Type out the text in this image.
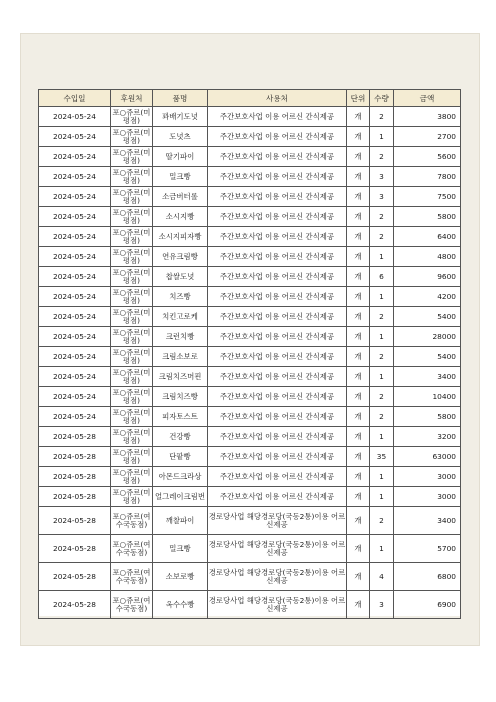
수입일	후원처	품명	사용처	단위	수량	금액
2024-05-24	포○쥬르(미평점)	꽈배기도넛	주간보호사업 이용 어르신 간식제공	개	2	3800
2024-05-24	포○쥬르(미평점)	도넛츠	주간보호사업 이용 어르신 간식제공	개	1	2700
2024-05-24	포○쥬르(미평점)	딸기파이	주간보호사업 이용 어르신 간식제공	개	2	5600
2024-05-24	포○쥬르(미평점)	밀크빵	주간보호사업 이용 어르신 간식제공	개	3	7800
2024-05-24	포○쥬르(미평점)	소금버터롤	주간보호사업 이용 어르신 간식제공	개	3	7500
2024-05-24	포○쥬르(미평점)	소시지빵	주간보호사업 이용 어르신 간식제공	개	2	5800
2024-05-24	포○쥬르(미평점)	소시지피자빵	주간보호사업 이용 어르신 간식제공	개	2	6400
2024-05-24	포○쥬르(미평점)	연유크림빵	주간보호사업 이용 어르신 간식제공	개	1	4800
2024-05-24	포○쥬르(미평점)	찹쌀도넛	주간보호사업 이용 어르신 간식제공	개	6	9600
2024-05-24	포○쥬르(미평점)	치즈빵	주간보호사업 이용 어르신 간식제공	개	1	4200
2024-05-24	포○쥬르(미평점)	치킨고로케	주간보호사업 이용 어르신 간식제공	개	2	5400
2024-05-24	포○쥬르(미평점)	크런치빵	주간보호사업 이용 어르신 간식제공	개	1	28000
2024-05-24	포○쥬르(미평점)	크림소보로	주간보호사업 이용 어르신 간식제공	개	2	5400
2024-05-24	포○쥬르(미평점)	크림치즈머핀	주간보호사업 이용 어르신 간식제공	개	1	3400
2024-05-24	포○쥬르(미평점)	크림치즈빵	주간보호사업 이용 어르신 간식제공	개	2	10400
2024-05-24	포○쥬르(미평점)	피자토스트	주간보호사업 이용 어르신 간식제공	개	2	5800
2024-05-28	포○쥬르(미평점)	건강빵	주간보호사업 이용 어르신 간식제공	개	1	3200
2024-05-28	포○쥬르(미평점)	단팥빵	주간보호사업 이용 어르신 간식제공	개	35	63000
2024-05-28	포○쥬르(미평점)	아몬드크라상	주간보호사업 이용 어르신 간식제공	개	1	3000
2024-05-28	포○쥬르(미평점)	얼그레이크림번	주간보호사업 이용 어르신 간식제공	개	1	3000
2024-05-28	포○쥬르(여수국동점)	깨찰파이	경로당사업 해당경로당(국동2통)이용 어르신제공	개	2	3400
2024-05-28	포○쥬르(여수국동점)	밀크빵	경로당사업 해당경로당(국동2통)이용 어르신제공	개	1	5700
2024-05-28	포○쥬르(여수국동점)	소보로빵	경로당사업 해당경로당(국동2통)이용 어르신제공	개	4	6800
2024-05-28	포○쥬르(여수국동점)	옥수수빵	경로당사업 해당경로당(국동2통)이용 어르신제공	개	3	6900
